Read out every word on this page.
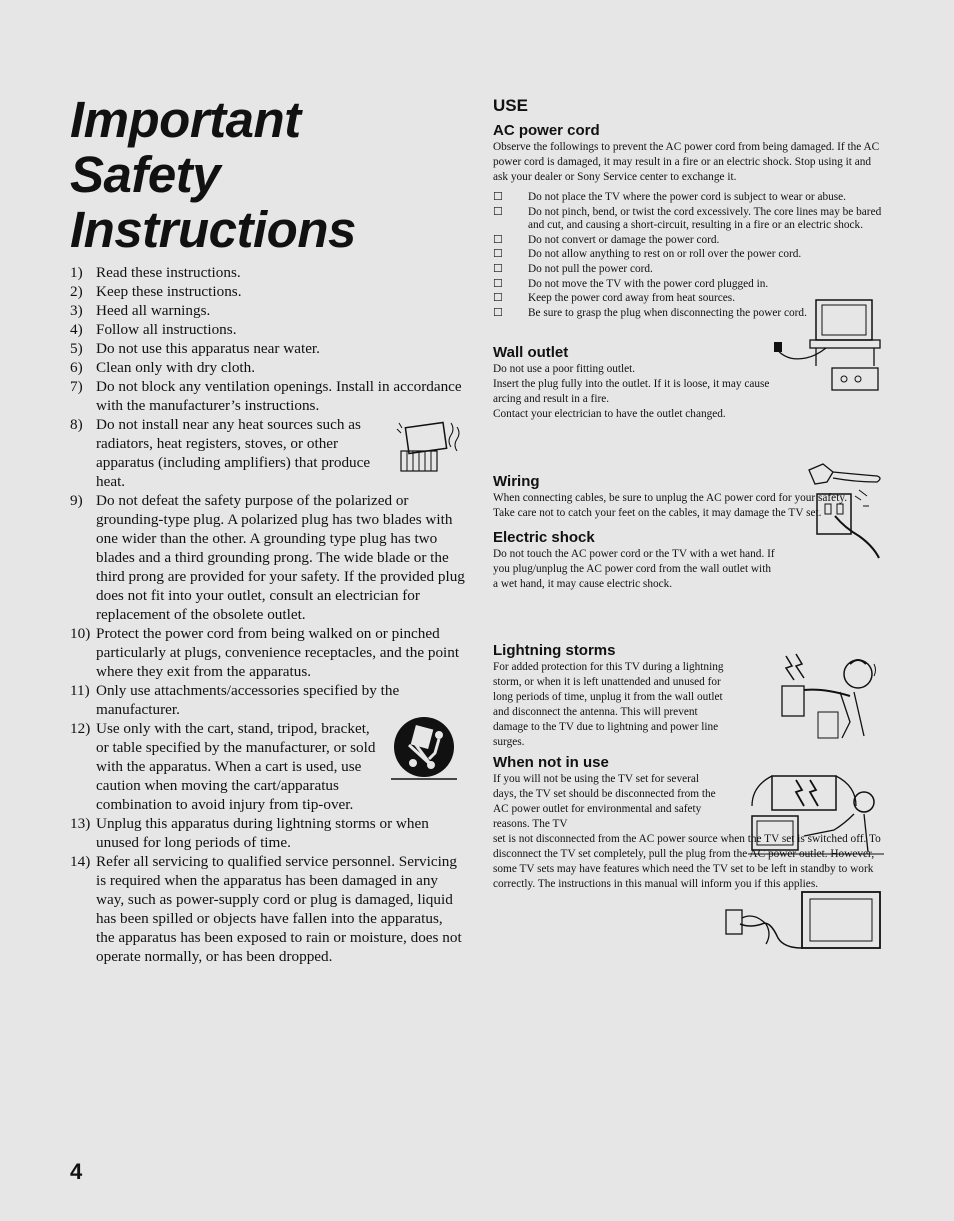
Important
Safety
Instructions
1) Read these instructions.
2) Keep these instructions.
3) Heed all warnings.
4) Follow all instructions.
5) Do not use this apparatus near water.
6) Clean only with dry cloth.
7) Do not block any ventilation openings. Install in accordance with the manufacturer’s instructions.
8) Do not install near any heat sources such as radiators, heat registers, stoves, or other apparatus (including amplifiers) that produce heat.
9) Do not defeat the safety purpose of the polarized or grounding-type plug. A polarized plug has two blades with one wider than the other. A grounding type plug has two blades and a third grounding prong. The wide blade or the third prong are provided for your safety. If the provided plug does not fit into your outlet, consult an electrician for replacement of the obsolete outlet.
10) Protect the power cord from being walked on or pinched particularly at plugs, convenience receptacles, and the point where they exit from the apparatus.
11) Only use attachments/accessories specified by the manufacturer.
12) Use only with the cart, stand, tripod, bracket, or table specified by the manufacturer, or sold with the apparatus. When a cart is used, use caution when moving the cart/apparatus combination to avoid injury from tip-over.
13) Unplug this apparatus during lightning storms or when unused for long periods of time.
14) Refer all servicing to qualified service personnel. Servicing is required when the apparatus has been damaged in any way, such as power-supply cord or plug is damaged, liquid has been spilled or objects have fallen into the apparatus, the apparatus has been exposed to rain or moisture, does not operate normally, or has been dropped.
USE
AC power cord

Observe the followings to prevent the AC power cord from being damaged. If the AC power cord is damaged, it may result in a fire or an electric shock. Stop using it and ask your dealer or Sony Service center to exchange it.

☐ Do not place the TV where the power cord is subject to wear or abuse.
☐ Do not pinch, bend, or twist the cord excessively. The core lines may be bared and cut, and causing a short-circuit, resulting in a fire or an electric shock.
☐ Do not convert or damage the power cord.
☐ Do not allow anything to rest on or roll over the power cord.
☐ Do not pull the power cord.
☐ Do not move the TV with the power cord plugged in.
☐ Keep the power cord away from heat sources.
☐ Be sure to grasp the plug when disconnecting the power cord.
Wall outlet

Do not use a poor fitting outlet.

Insert the plug fully into the outlet. If it is loose, it may cause arcing and result in a fire.

Contact your electrician to have the outlet changed.

Wiring

When connecting cables, be sure to unplug the AC power cord for your safety.

Take care not to catch your feet on the cables, it may damage the TV set.

Electric shock

Do not touch the AC power cord or the TV with a wet hand. If you plug/unplug the AC power cord from the wall outlet with a wet hand, it may cause electric shock.

Lightning storms

For added protection for this TV during a lightning storm, or when it is left unattended and unused for long periods of time, unplug it from the wall outlet and disconnect the antenna. This will prevent damage to the TV due to lightning and power line surges.

When not in use

If you will not be using the TV set for several days, the TV set should be disconnected from the AC power outlet for environmental and safety reasons. The TV

set is not disconnected from the AC power source when the TV set is switched off. To disconnect the TV set completely, pull the plug from the AC power outlet. However, some TV sets may have features which need the TV set to be left in standby to work correctly. The instructions in this manual will inform you if this applies.

4
